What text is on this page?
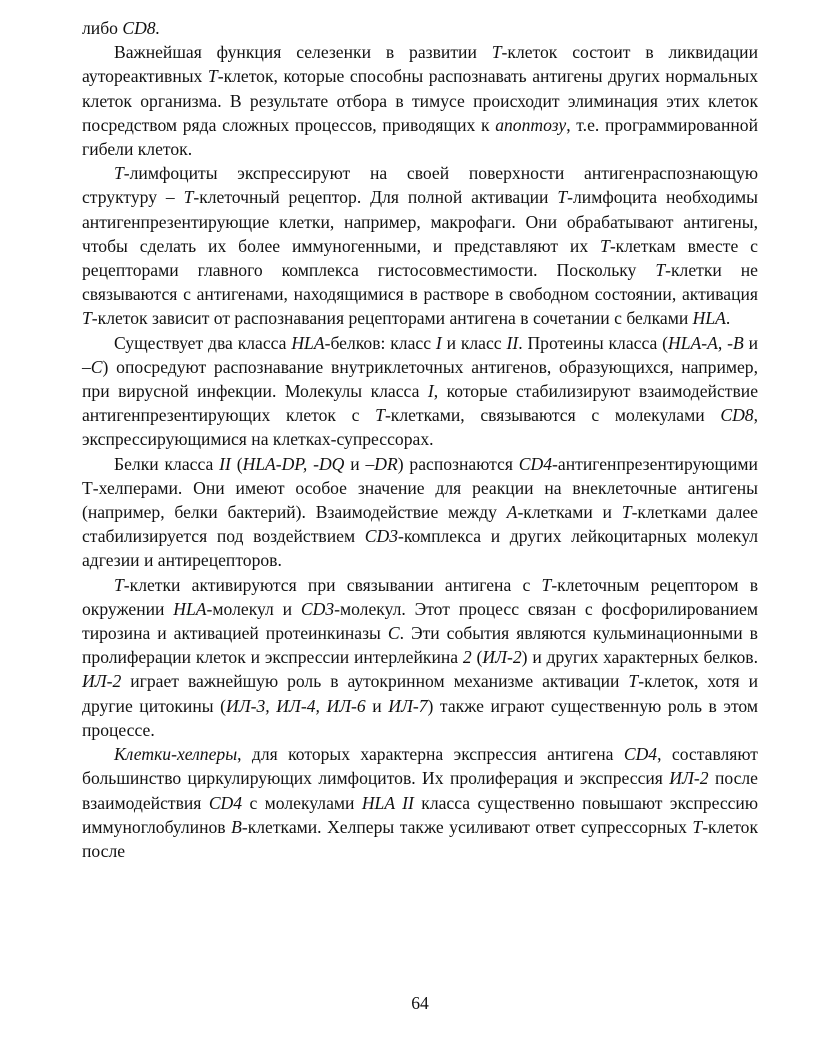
либо CD8.

Важнейшая функция селезенки в развитии T-клеток состоит в ликвидации аутореактивных T-клеток, которые способны распознавать антигены других нормальных клеток организма. В результате отбора в тимусе происходит элиминация этих клеток посредством ряда сложных процессов, приводящих к апоптозу, т.е. программированной гибели клеток.

T-лимфоциты экспрессируют на своей поверхности антигенраспознающую структуру – T-клеточный рецептор. Для полной активации T-лимфоцита необходимы антигенпрезентирующие клетки, например, макрофаги. Они обрабатывают антигены, чтобы сделать их более иммуногенными, и представляют их T-клеткам вместе с рецепторами главного комплекса гистосовместимости. Поскольку T-клетки не связываются с антигенами, находящимися в растворе в свободном состоянии, активация T-клеток зависит от распознавания рецепторами антигена в сочетании с белками HLA.

Существует два класса HLA-белков: класс I и класс II. Протеины класса (HLA-A, -B и –C) опосредуют распознавание внутриклеточных антигенов, образующихся, например, при вирусной инфекции. Молекулы класса I, которые стабилизируют взаимодействие антигенпрезентирующих клеток с T-клетками, связываются с молекулами CD8, экспрессирующимися на клетках-супрессорах.

Белки класса II (HLA-DP, -DQ и –DR) распознаются CD4-антигенпрезентирующими Т-хелперами. Они имеют особое значение для реакции на внеклеточные антигены (например, белки бактерий). Взаимодействие между A-клетками и T-клетками далее стабилизируется под воздействием CD3-комплекса и других лейкоцитарных молекул адгезии и антирецепторов.

T-клетки активируются при связывании антигена с T-клеточным рецептором в окружении HLA-молекул и CD3-молекул. Этот процесс связан с фосфорилированием тирозина и активацией протеинкиназы C. Эти события являются кульминационными в пролиферации клеток и экспрессии интерлейкина 2 (ИЛ-2) и других характерных белков. ИЛ-2 играет важнейшую роль в аутокринном механизме активации T-клеток, хотя и другие цитокины (ИЛ-3, ИЛ-4, ИЛ-6 и ИЛ-7) также играют существенную роль в этом процессе.

Клетки-хелперы, для которых характерна экспрессия антигена CD4, составляют большинство циркулирующих лимфоцитов. Их пролиферация и экспрессия ИЛ-2 после взаимодействия CD4 с молекулами HLA II класса существенно повышают экспрессию иммуноглобулинов B-клетками. Хелперы также усиливают ответ супрессорных T-клеток после

64
